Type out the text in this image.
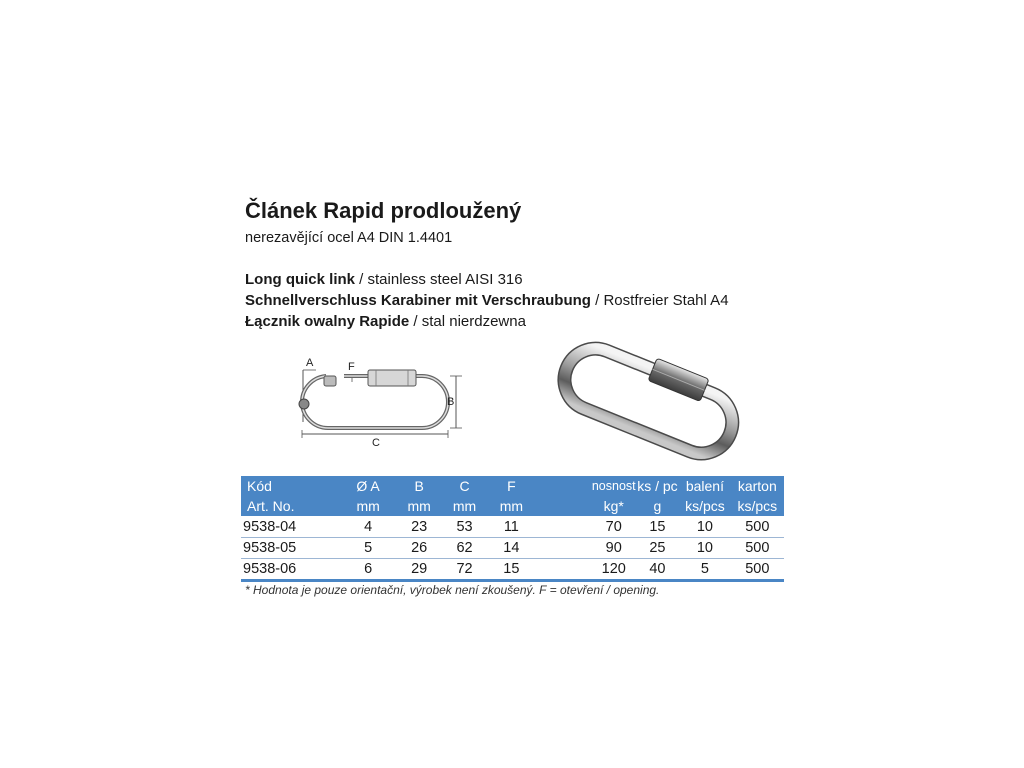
Článek Rapid prodloužený
nerezavějící ocel A4 DIN 1.4401
Long quick link / stainless steel AISI 316
Schnellverschluss Karabiner mit Verschraubung / Rostfreier Stahl A4
Łącznik owalny Rapide / stal nierdzewna
A	F
B
C
Kód	Ø A	B	C	F		nosnost	ks / pc	balení	karton
Art. No.	mm	mm	mm	mm		kg*	g	ks/pcs	ks/pcs
9538-04	4	23	53	11		70	15	10	500
9538-05	5	26	62	14		90	25	10	500
9538-06	6	29	72	15		120	40	5	500
* Hodnota je pouze orientační, výrobek není zkoušený. F = otevření / opening.
